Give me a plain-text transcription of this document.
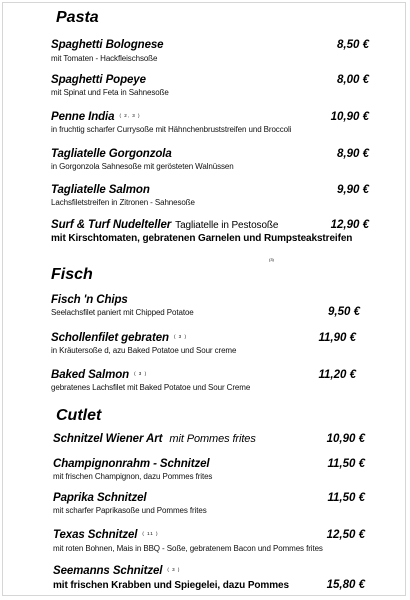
Pasta
Spaghetti Bolognese
mit Tomaten - Hackfleischsoße
8,50 €
Spaghetti Popeye
mit Spinat und Feta in Sahnesoße
8,00 €
Penne India $^{( 2, 3 )}$
in fruchtig scharfer Currysoße mit Hähnchenbruststreifen und Broccoli
10,90 €
Tagliatelle Gorgonzola
in Gorgonzola Sahnesoße mit gerösteten Walnüssen
8,90 €
Tagliatelle Salmon
Lachsfiletstreifen in Zitronen - Sahnesoße
9,90 €
Surf & Turf Nudelteller Tagliatelle in Pestosoße
mit Kirschtomaten, gebratenen Garnelen und Rumpsteakstreifen
(3)
12,90 €
Fisch
Fisch 'n Chips
Seelachsfilet paniert mit Chipped Potatoe	9,50 €
Schollenfilet gebraten $^{( 3 )}$
in Kräutersoße d, azu Baked Potatoe und Sour creme
11,90 €
Baked Salmon $^{( 3 )}$
gebratenes Lachsfilet mit Baked Potatoe und Sour Creme
11,20 €
Cutlet
Schnitzel Wiener Art mit Pommes frites	10,90 €
Champignonrahm - Schnitzel
mit frischen Champignon, dazu Pommes frites
11,50 €
Paprika Schnitzel
mit scharfer Paprikasoße und Pommes frites
11,50 €
Texas Schnitzel $^{( 11 )}$
mit roten Bohnen, Mais in BBQ - Soße, gebratenem Bacon und Pommes frites
12,50 €
Seemanns Schnitzel $^{( 3 )}$
mit frischen Krabben und Spiegelei, dazu Pommes	15,80 €
